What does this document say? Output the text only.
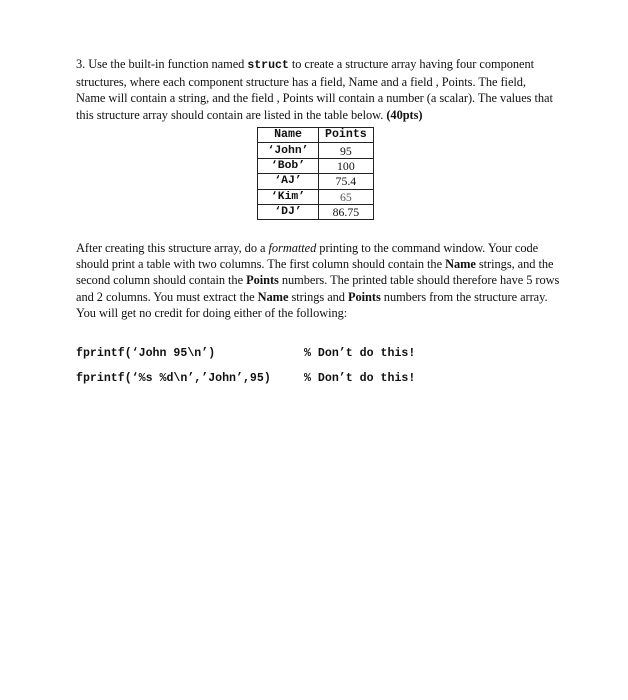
3. Use the built-in function named struct to create a structure array having four component structures, where each component structure has a field, Name and a field , Points. The field, Name will contain a string, and the field , Points will contain a number (a scalar). The values that this structure array should contain are listed in the table below. (40pts)
Name	Points
‘John’	95
‘Bob’	100
‘AJ’	75.4
‘Kim’	65
‘DJ’	86.75
After creating this structure array, do a formatted printing to the command window. Your code should print a table with two columns. The first column should contain the Name strings, and the second column should contain the Points numbers. The printed table should therefore have 5 rows and 2 columns. You must extract the Name strings and Points numbers from the structure array. You will get no credit for doing either of the following:
fprintf(‘John 95\n’)	% Don’t do this!
fprintf(‘%s %d\n’,’John’,95)	% Don’t do this!
